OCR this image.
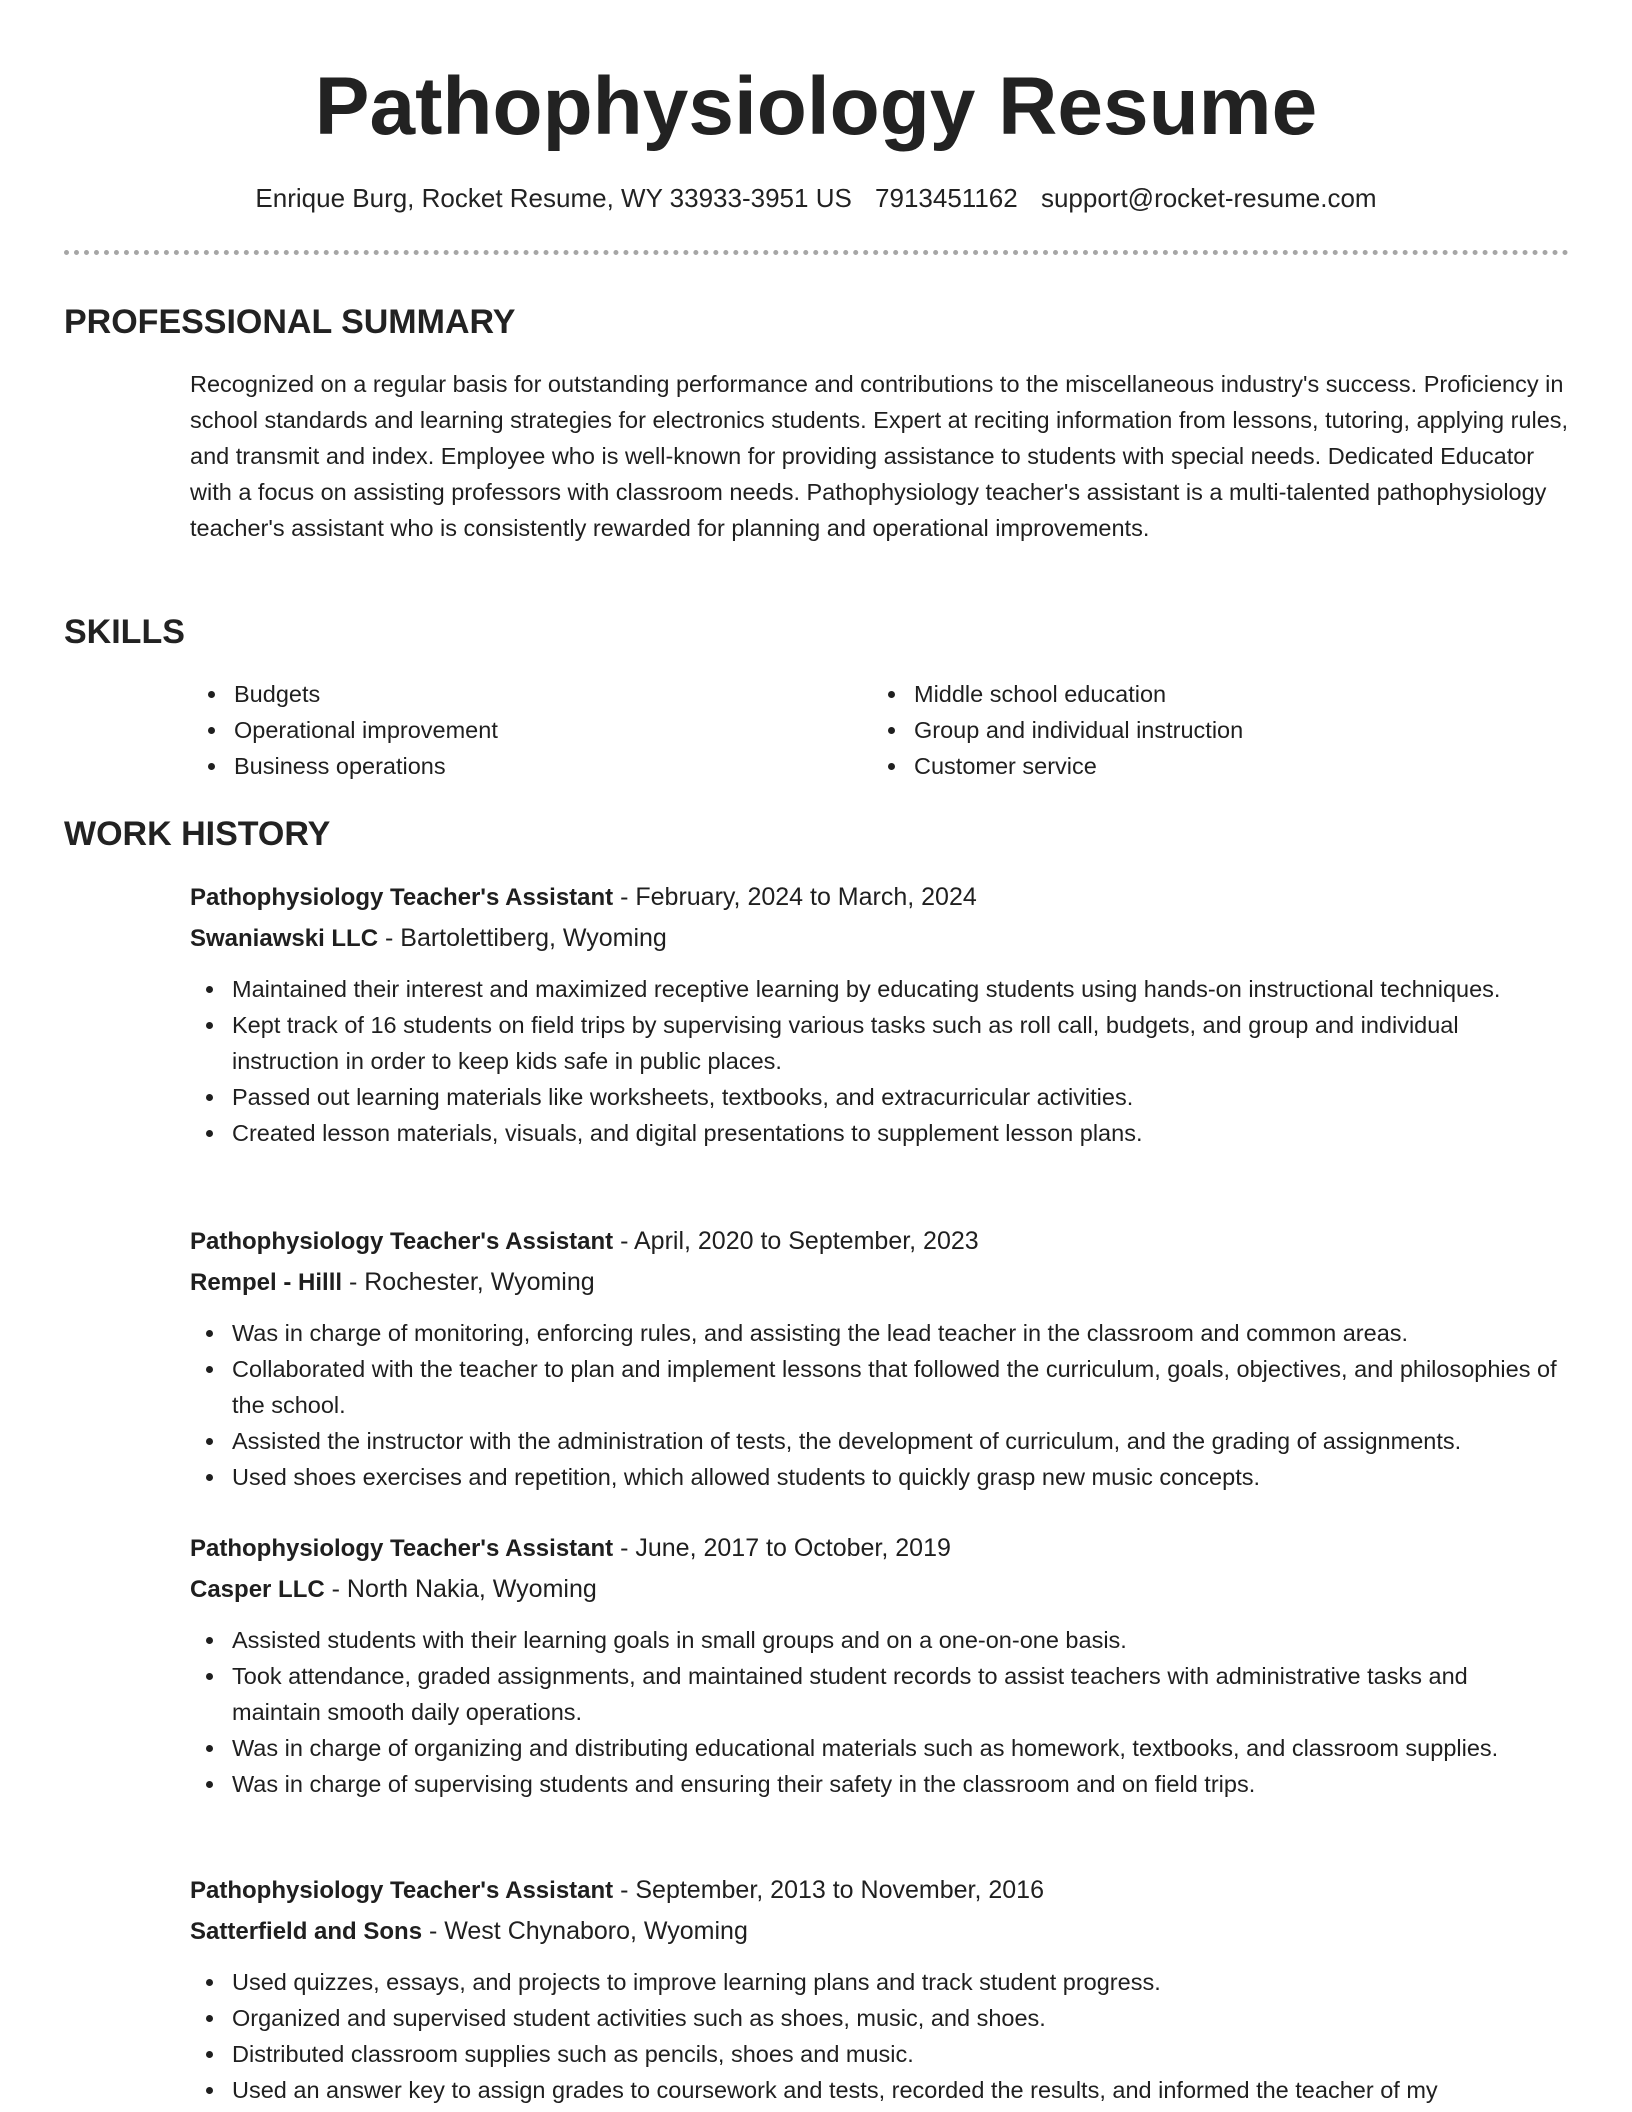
Pathophysiology Resume
Enrique Burg, Rocket Resume, WY 33933-3951 US 7913451162 support@rocket-resume.com
PROFESSIONAL SUMMARY

Recognized on a regular basis for outstanding performance and contributions to the miscellaneous industry's success. Proficiency in school standards and learning strategies for electronics students. Expert at reciting information from lessons, tutoring, applying rules, and transmit and index. Employee who is well-known for providing assistance to students with special needs. Dedicated Educator with a focus on assisting professors with classroom needs. Pathophysiology teacher's assistant is a multi-talented pathophysiology teacher's assistant who is consistently rewarded for planning and operational improvements.

SKILLS
Budgets
Operational improvement
Business operations
Middle school education
Group and individual instruction
Customer service
WORK HISTORY
Pathophysiology Teacher's Assistant - February, 2024 to March, 2024
Swaniawski LLC - Bartolettiberg, Wyoming
Maintained their interest and maximized receptive learning by educating students using hands-on instructional techniques.
Kept track of 16 students on field trips by supervising various tasks such as roll call, budgets, and group and individual instruction in order to keep kids safe in public places.
Passed out learning materials like worksheets, textbooks, and extracurricular activities.
Created lesson materials, visuals, and digital presentations to supplement lesson plans.
Pathophysiology Teacher's Assistant - April, 2020 to September, 2023
Rempel - Hilll - Rochester, Wyoming
Was in charge of monitoring, enforcing rules, and assisting the lead teacher in the classroom and common areas.
Collaborated with the teacher to plan and implement lessons that followed the curriculum, goals, objectives, and philosophies of the school.
Assisted the instructor with the administration of tests, the development of curriculum, and the grading of assignments.
Used shoes exercises and repetition, which allowed students to quickly grasp new music concepts.
Pathophysiology Teacher's Assistant - June, 2017 to October, 2019
Casper LLC - North Nakia, Wyoming
Assisted students with their learning goals in small groups and on a one-on-one basis.
Took attendance, graded assignments, and maintained student records to assist teachers with administrative tasks and maintain smooth daily operations.
Was in charge of organizing and distributing educational materials such as homework, textbooks, and classroom supplies.
Was in charge of supervising students and ensuring their safety in the classroom and on field trips.
Pathophysiology Teacher's Assistant - September, 2013 to November, 2016
Satterfield and Sons - West Chynaboro, Wyoming
Used quizzes, essays, and projects to improve learning plans and track student progress.
Organized and supervised student activities such as shoes, music, and shoes.
Distributed classroom supplies such as pencils, shoes and music.
Used an answer key to assign grades to coursework and tests, recorded the results, and informed the teacher of my
